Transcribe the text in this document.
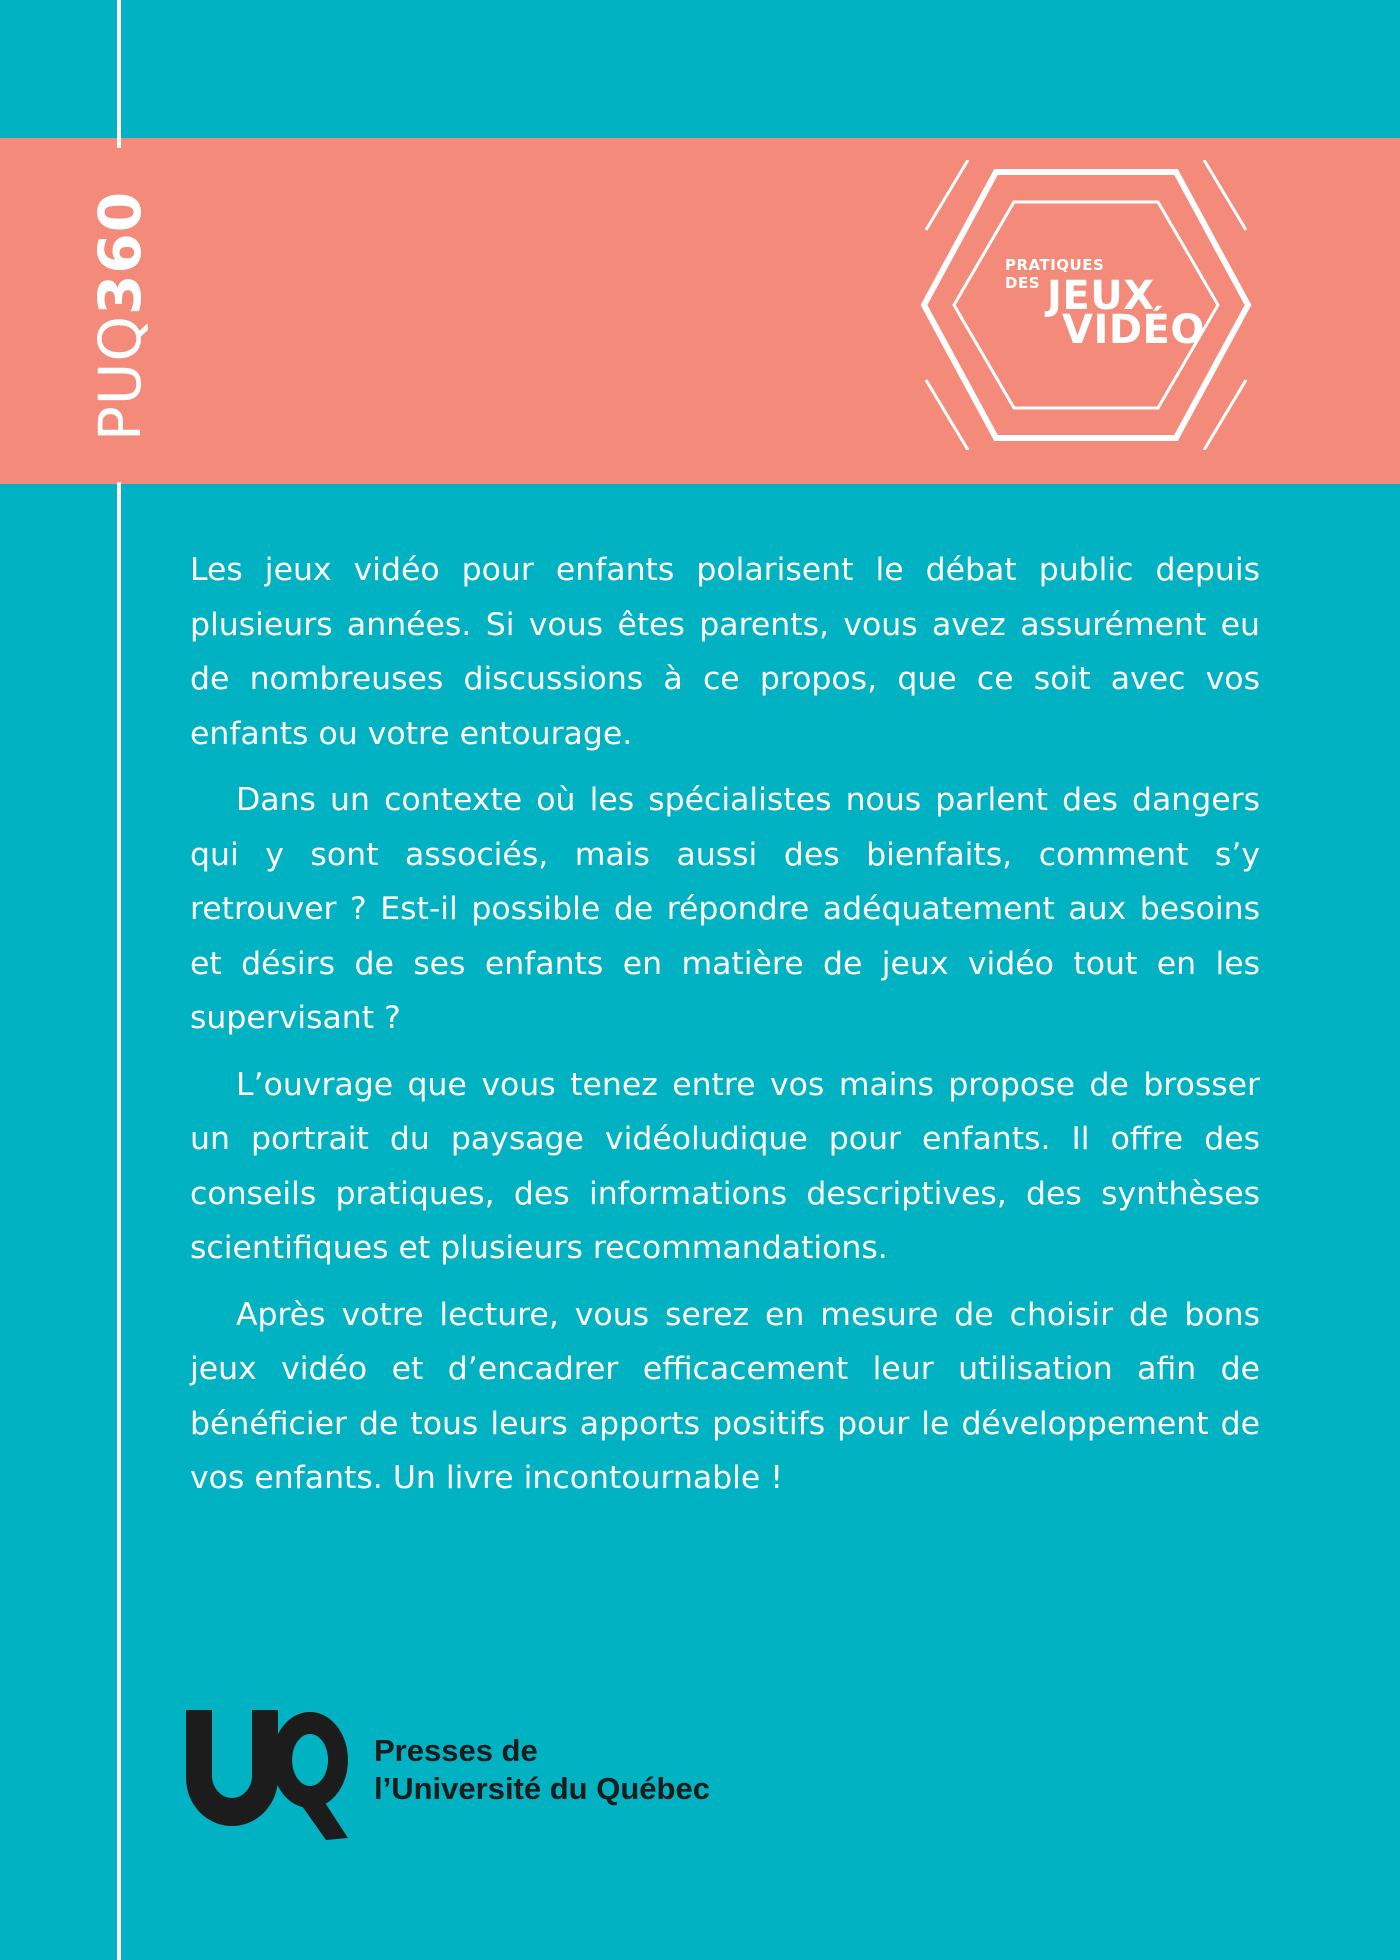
PUQ360	PRATIQUES
DES JEUX
VIDÉO

Les jeux vidéo pour enfants polarisent le débat public depuis plusieurs années. Si vous êtes parents, vous avez assurément eu de nombreuses discussions à ce propos, que ce soit avec vos enfants ou votre entourage.

Dans un contexte où les spécialistes nous parlent des dangers qui y sont associés, mais aussi des bienfaits, comment s’y retrouver ? Est-il possible de répondre adéquatement aux besoins et désirs de ses enfants en matière de jeux vidéo tout en les supervisant ?

L’ouvrage que vous tenez entre vos mains propose de brosser un portrait du paysage vidéoludique pour enfants. Il offre des conseils pratiques, des informations descriptives, des synthèses scientifiques et plusieurs recommandations.

Après votre lecture, vous serez en mesure de choisir de bons jeux vidéo et d’encadrer efficacement leur utilisation afin de bénéficier de tous leurs apports positifs pour le développement de vos enfants. Un livre incontournable !

Presses de
l’Université du Québec
